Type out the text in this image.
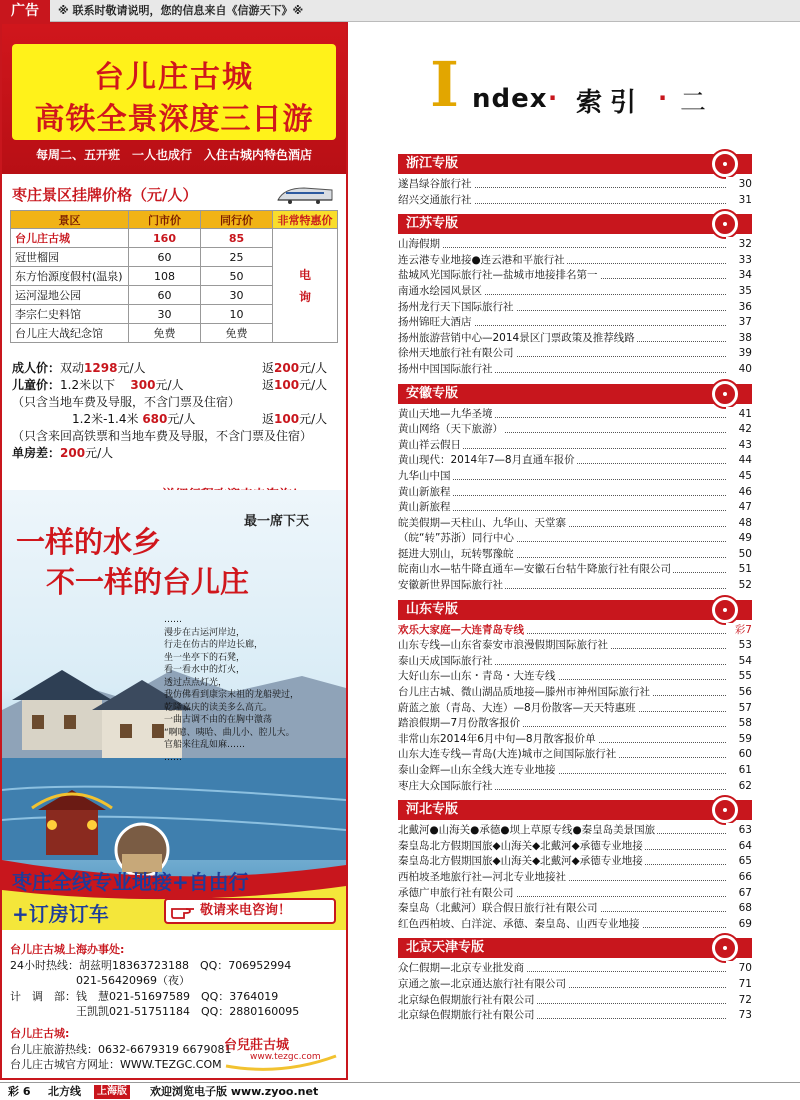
广告	※ 联系时敬请说明，您的信息来自《信游天下》※
台儿庄古城
高铁全景深度三日游
每周二、五开班　一人也成行　入住古城内特色酒店
枣庄景区挂牌价格（元/人）
景区	门市价	同行价	非常特惠价
台儿庄古城	160	85	电
询

冠世榴园	60	25	
东方怡源度假村(温泉)	108	50	
运河湿地公园	60	30	
李宗仁史料馆	30	10	
台儿庄大战纪念馆	免费	免费	
成人价：双动1298元/人	返200元/人
儿童价：1.2米以下 300元/人	返100元/人
（只含当地车费及导服，不含门票及住宿）
1.2米-1.4米 680元/人	返100元/人
（只含来回高铁票和当地车费及导服，不含门票及住宿）
单房差：200元/人
一样的水乡
不一样的台儿庄
最一席下天
……
漫步在古运河岸边，
行走在仿古的岸边长廊，
坐一坐亭下的石凳，
看一看水中的灯火，
透过点点灯光，
我仿佛看到康宗末祖的龙船驶过，
乾隆嘉庆的读美多么高亢。
一曲古调不由的在胸中激荡
“啊噫、咦哈、曲儿小、腔儿大。
官船来往乱如麻……
……
枣庄全线专业地接+自由行
+订房订车	敬请来电咨询！
台儿庄古城上海办事处:
24小时热线：胡兹明18363723188　QQ：706952994
　　　　　　021-56420969（夜）
计　调　部：钱　慧021-51697589　QQ：3764019
　　　　　　王凯凯021-51751184　QQ：2880160095
台儿庄古城:
台儿庄旅游热线：0632-6679319 6679081
台儿庄古城官方网址：WWW.TEZGC.COM
台兒莊古城
www.tezgc.com
I ndex · 索引 · 二
浙江专版
遂昌绿谷旅行社	30
绍兴交通旅行社	31
江苏专版
山海假期	32
连云港专业地接●连云港和平旅行社	33
盐城风光国际旅行社—盐城市地接排名第一	34
南通水绘园风景区	35
扬州龙行天下国际旅行社	36
扬州锦旺大酒店	37
扬州旅游营销中心—2014景区门票政策及推荐线路	38
徐州天地旅行社有限公司	39
扬州中国国际旅行社	40
安徽专版
黄山天地—九华圣境	41
黄山网络（天下旅游）	42
黄山祥云假日	43
黄山现代：2014年7—8月直通车报价	44
九华山中国	45
黄山新旅程	46
黄山新旅程	47
皖美假期—天柱山、九华山、天堂寨	48
（皖“转”苏浙）同行中心	49
挺进大别山，玩转鄂豫皖	50
皖南山水—牯牛降直通车—安徽石台牯牛降旅行社有限公司	51
安徽新世界国际旅行社	52
山东专版
欢乐大家庭—大连青岛专线	彩7
山东专线—山东省泰安市浪漫假期国际旅行社	53
泰山天成国际旅行社	54
大好山东—山东・青岛・大连专线	55
台儿庄古城、微山湖品质地接—滕州市神州国际旅行社	56
蔚蓝之旅（青岛、大连）—8月份散客—天天特惠班	57
踏浪假期—7月份散客报价	58
非常山东2014年6月中旬—8月散客报价单	59
山东大连专线—青岛(大连)城市之间国际旅行社	60
泰山金辉—山东全线大连专业地接	61
枣庄大众国际旅行社	62
河北专版
北戴河●山海关●承德●坝上草原专线●秦皇岛美景国旅	63
秦皇岛北方假期国旅◆山海关◆北戴河◆承德专业地接	64
秦皇岛北方假期国旅◆山海关◆北戴河◆承德专业地接	65
西柏坡圣地旅行社—河北专业地接社	66
承德广申旅行社有限公司	67
秦皇岛（北戴河）联合假日旅行社有限公司	68
红色西柏坡、白洋淀、承德、秦皇岛、山西专业地接	69
北京天津专版
众仁假期—北京专业批发商	70
京通之旅—北京通达旅行社有限公司	71
北京绿色假期旅行社有限公司	72
北京绿色假期旅行社有限公司	73
彩 6 北方线	上海版 欢迎浏览电子版 www.zyoo.net
